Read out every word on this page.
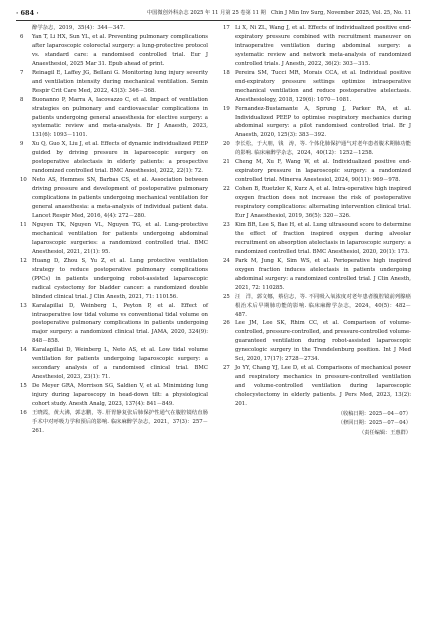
· 684 ·	中国微创外科杂志 2025 年 11 月第 25 卷第 11 期　Chin J Min Inv Surg, November 2025, Vol. 25, No. 11
醉学杂志，2019，35(4)：344－347.
6	Yan T, Li HX, Sun YL, et al. Preventing pulmonary complications after laparoscopic colorectal surgery: a lung-protective protocol vs. standard care: a randomised controlled trial. Eur J Anaesthesiol, 2025 Mar 31. Epub ahead of print.
7	Reinagil E, Laffey JG, Bellani G. Monitoring lung injury severity and ventilation intensity during mechanical ventilation. Semin Respir Crit Care Med, 2022, 43(3): 346－368.
8	Buonanno P, Marra A, Iacovazzo C, et al. Impact of ventilation strategies on pulmonary and cardiovascular complications in patients undergoing general anaesthesia for elective surgery: a systematic review and meta-analysis. Br J Anaesth, 2023, 131(6): 1093－1101.
9	Xu Q, Guo X, Liu J, et al. Effects of dynamic individualized PEEP guided by driving pressure in laparoscopic surgery on postoperative atelectasis in elderly patients: a prospective randomized controlled trial. BMC Anesthesiol, 2022, 22(1): 72.
10 Neto AS, Hemmes SN, Barbas CS, et al. Association between driving pressure and development of postoperative pulmonary complications in patients undergoing mechanical ventilation for general anaesthesia: a meta-analysis of individual patient data. Lancet Respir Med, 2016, 4(4): 272－280.
11 Nguyen TK, Nguyen VL, Nguyen TG, et al. Lung-protective mechanical ventilation for patients undergoing abdominal laparoscopic surgeries: a randomized controlled trial. BMC Anesthesiol, 2021, 21(1): 95.
12 Huang D, Zhou S, Yu Z, et al. Lung protective ventilation strategy to reduce postoperative pulmonary complications (PPCs) in patients undergoing robot-assisted laparoscopic radical cystectomy for bladder cancer: a randomized double blinded clinical trial. J Clin Anesth, 2021, 71: 110156.
13 Karalapillai D, Weinberg L, Peyton P, et al. Effect of intraoperative low tidal volume vs conventional tidal volume on postoperative pulmonary complications in patients undergoing major surgery: a randomized clinical trial. JAMA, 2020, 324(9): 848－858.
14 Karalapillai D, Weinberg L, Neto AS, et al. Low tidal volume ventilation for patients undergoing laparoscopic surgery: a secondary analysis of a randomised clinical trial. BMC Anesthesiol, 2023, 23(1): 71.
15 De Meyer GRA, Morrison SG, Saldien V, et al. Minimizing lung injury during laparoscopy in head-down tilt: a physiological cohort study. Anesth Analg, 2023, 137(4): 841－849.
16 王晓霞，黄大沸，郭志鹏，等. 肝胃静复张后肺保护性通气在腹腔镜结直肠手术中对呼吸力学和预后的影响. 临床麻醉学杂志，2021，37(3)：257－261.
17 Li X, Ni ZL, Wang J, et al. Effects of individualized positive end-expiratory pressure combined with recruitment maneuver on intraoperative ventilation during abdominal surgery: a systematic review and network meta-analysis of randomized controlled trials. J Anesth, 2022, 36(2): 303－315.
18 Pereira SM, Tucci MR, Morais CCA, et al. Individual positive end-expiratory pressure settings optimize intraoperative mechanical ventilation and reduce postoperative atelectasis. Anesthesiology, 2018, 129(6): 1070－1081.
19 Fernandez-Bustamante A, Sprung J, Parker RA, et al. Individualized PEEP to optimise respiratory mechanics during abdominal surgery: a pilot randomised controlled trial. Br J Anaesth, 2020, 125(3): 383－392.
20 李长松，于大朋，钱　涛，等. 个体化肺保护通气对老年患者腹术期肺功能的影响. 临床麻醉学杂志，2024，40(12)：1252－1258.
21 Cheng M, Xu F, Wang W, et al. Individualized positive end-expiratory pressure in laparoscopic surgery: a randomized controlled trial. Minerva Anestesiol, 2024, 90(11): 969－978.
22 Cohen B, Ruetzler K, Kurz A, et al. Intra-operative high inspired oxygen fraction does not increase the risk of postoperative respiratory complications: alternating intervention clinical trial. Eur J Anaesthesiol, 2019, 36(5): 320－326.
23 Kim BR, Lee S, Bae H, et al. Lung ultrasound score to determine the effect of fraction inspired oxygen during alveolar recruitment on absorption atelectasis in laparoscopic surgery: a randomized controlled trial. BMC Anesthesiol, 2020, 20(1): 173.
24 Park M, Jung K, Sim WS, et al. Perioperative high inspired oxygen fraction induces atelectasis in patients undergoing abdominal surgery: a randomized controlled trial. J Clin Anesth, 2021, 72: 110285.
25 汪　洋，郭文娜，蔡信志，等. 不同吸入氧浓度对老年患者腹腔镜前列腺癌根治术后早期肺功能的影响. 临床麻醉学杂志，2024，40(5)：482－487.
26 Lee JM, Lee SK, Rhim CC, et al. Comparison of volume-controlled, pressure-controlled, and pressure-controlled volume-guaranteed ventilation during robot-assisted laparoscopic gynecologic surgery in the Trendelenburg position. Int J Med Sci, 2020, 17(17): 2728－2734.
27 Jo YY, Chang YJ, Lee D, et al. Comparisons of mechanical power and respiratory mechanics in pressure-controlled ventilation and volume-controlled ventilation during laparoscopic cholecystectomy in elderly patients. J Pers Med, 2023, 13(2): 201.
（收稿日期：2025－04－07）
（修回日期：2025－07－04）
（责任编辑：王惠群）
